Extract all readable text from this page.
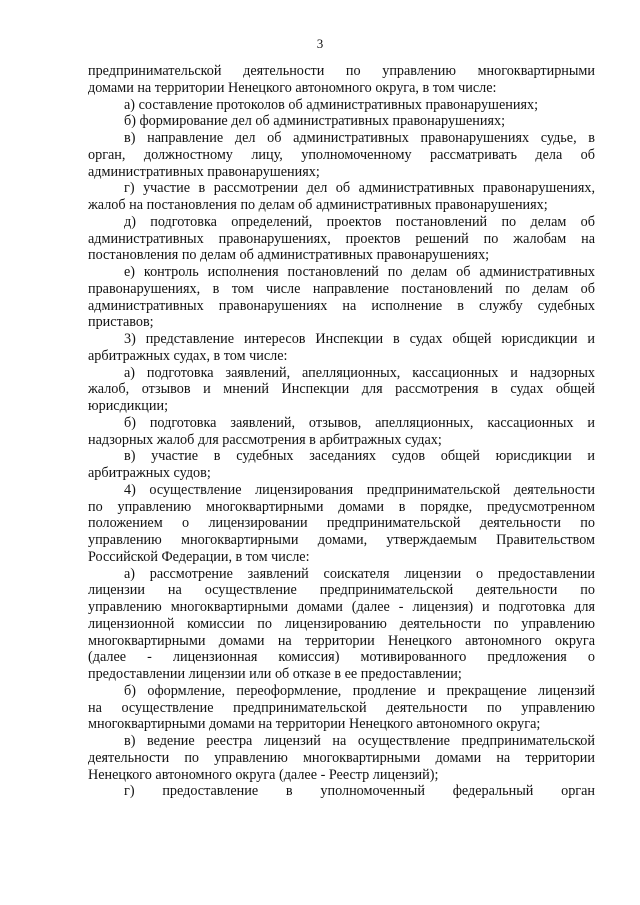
3
предпринимательской деятельности по управлению многоквартирными
домами на территории Ненецкого автономного округа, в том числе:
а) составление протоколов об административных правонарушениях;
б) формирование дел об административных правонарушениях;
в) направление дел об административных правонарушениях судье, в
орган, должностному лицу, уполномоченному рассматривать дела об
административных правонарушениях;
г) участие в рассмотрении дел об административных правонарушениях,
жалоб на постановления по делам об административных правонарушениях;
д) подготовка определений, проектов постановлений по делам об
административных правонарушениях, проектов решений по жалобам на
постановления по делам об административных правонарушениях;
е) контроль исполнения постановлений по делам об административных
правонарушениях, в том числе направление постановлений по делам об
административных правонарушениях на исполнение в службу судебных
приставов;
3) представление интересов Инспекции в судах общей юрисдикции и
арбитражных судах, в том числе:
а) подготовка заявлений, апелляционных, кассационных и надзорных
жалоб, отзывов и мнений Инспекции для рассмотрения в судах общей
юрисдикции;
б) подготовка заявлений, отзывов, апелляционных, кассационных и
надзорных жалоб для рассмотрения в арбитражных судах;
в) участие в судебных заседаниях судов общей юрисдикции и
арбитражных судов;
4) осуществление лицензирования предпринимательской деятельности
по управлению многоквартирными домами в порядке, предусмотренном
положением о лицензировании предпринимательской деятельности по
управлению многоквартирными домами, утверждаемым Правительством
Российской Федерации, в том числе:
а) рассмотрение заявлений соискателя лицензии о предоставлении
лицензии на осуществление предпринимательской деятельности по
управлению многоквартирными домами (далее - лицензия) и подготовка для
лицензионной комиссии по лицензированию деятельности по управлению
многоквартирными домами на территории Ненецкого автономного округа
(далее - лицензионная комиссия) мотивированного предложения о
предоставлении лицензии или об отказе в ее предоставлении;
б) оформление, переоформление, продление и прекращение лицензий
на осуществление предпринимательской деятельности по управлению
многоквартирными домами на территории Ненецкого автономного округа;
в) ведение реестра лицензий на осуществление предпринимательской
деятельности по управлению многоквартирными домами на территории
Ненецкого автономного округа (далее - Реестр лицензий);
г) предоставление в уполномоченный федеральный орган
